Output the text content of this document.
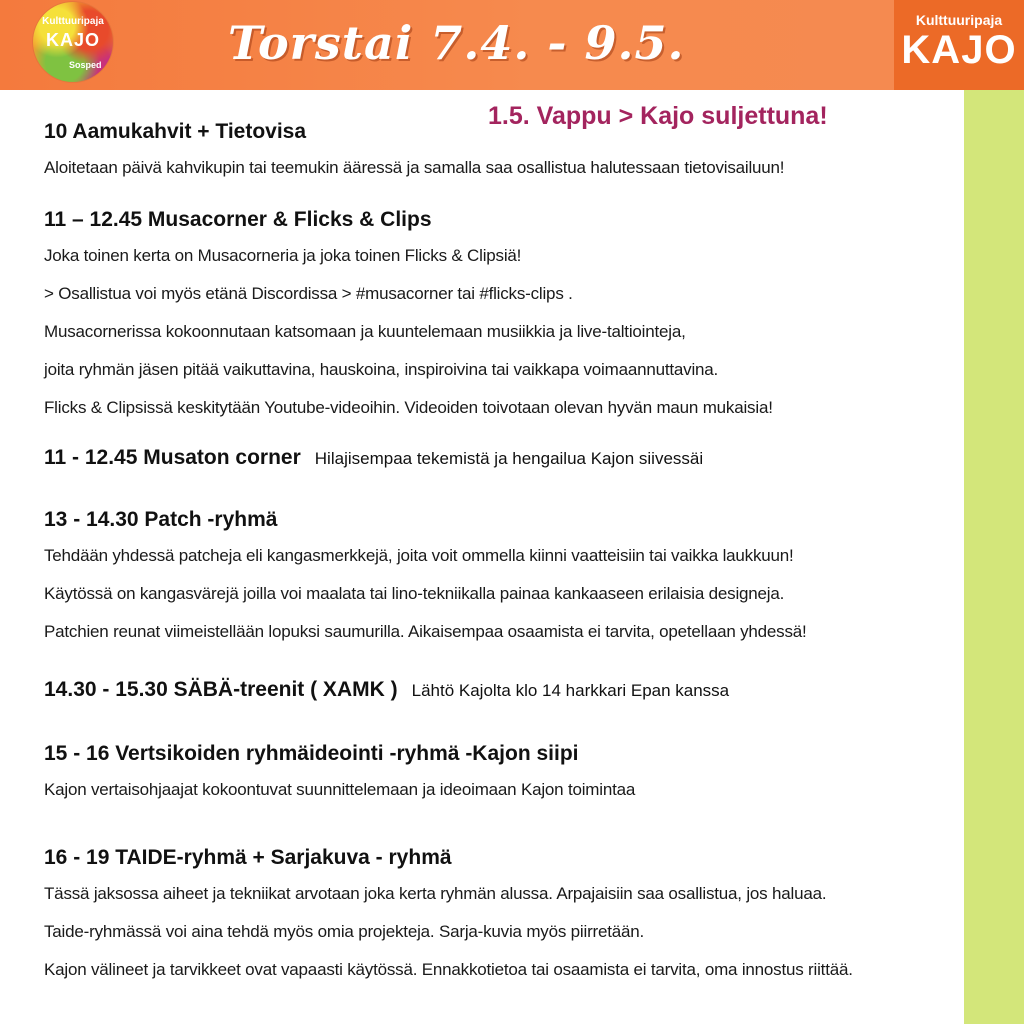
Kulttuuripaja
KAJO
Sosped	Torstai 7.4. - 9.5.	Kulttuuripaja
KAJO
1.5. Vappu > Kajo suljettuna!
10 Aamukahvit + Tietovisa
Aloitetaan päivä kahvikupin tai teemukin ääressä ja samalla saa osallistua halutessaan tietovisailuun!
11 – 12.45 Musacorner & Flicks & Clips
Joka toinen kerta on Musacorneria ja joka toinen Flicks & Clipsiä!
> Osallistua voi myös etänä Discordissa > #musacorner tai #flicks-clips .
Musacornerissa kokoonnutaan katsomaan ja kuuntelemaan musiikkia ja live-taltiointeja,
joita ryhmän jäsen pitää vaikuttavina, hauskoina, inspiroivina tai vaikkapa voimaannuttavina.
Flicks & Clipsissä keskitytään Youtube-videoihin. Videoiden toivotaan olevan hyvän maun mukaisia!
11 - 12.45 Musaton corner Hilajisempaa tekemistä ja hengailua Kajon siivessäi
13 - 14.30 Patch -ryhmä
Tehdään yhdessä patcheja eli kangasmerkkejä, joita voit ommella kiinni vaatteisiin tai vaikka laukkuun!
Käytössä on kangasvärejä joilla voi maalata tai lino-tekniikalla painaa kankaaseen erilaisia designeja.
Patchien reunat viimeistellään lopuksi saumurilla. Aikaisempaa osaamista ei tarvita, opetellaan yhdessä!
14.30 - 15.30 SÄBÄ-treenit ( XAMK ) Lähtö Kajolta klo 14 harkkari Epan kanssa
15 - 16 Vertsikoiden ryhmäideointi -ryhmä -Kajon siipi
Kajon vertaisohjaajat kokoontuvat suunnittelemaan ja ideoimaan Kajon toimintaa
16 - 19 TAIDE-ryhmä + Sarjakuva - ryhmä
Tässä jaksossa aiheet ja tekniikat arvotaan joka kerta ryhmän alussa. Arpajaisiin saa osallistua, jos haluaa.
Taide-ryhmässä voi aina tehdä myös omia projekteja. Sarja-kuvia myös piirretään.
Kajon välineet ja tarvikkeet ovat vapaasti käytössä. Ennakkotietoa tai osaamista ei tarvita, oma innostus riittää.
